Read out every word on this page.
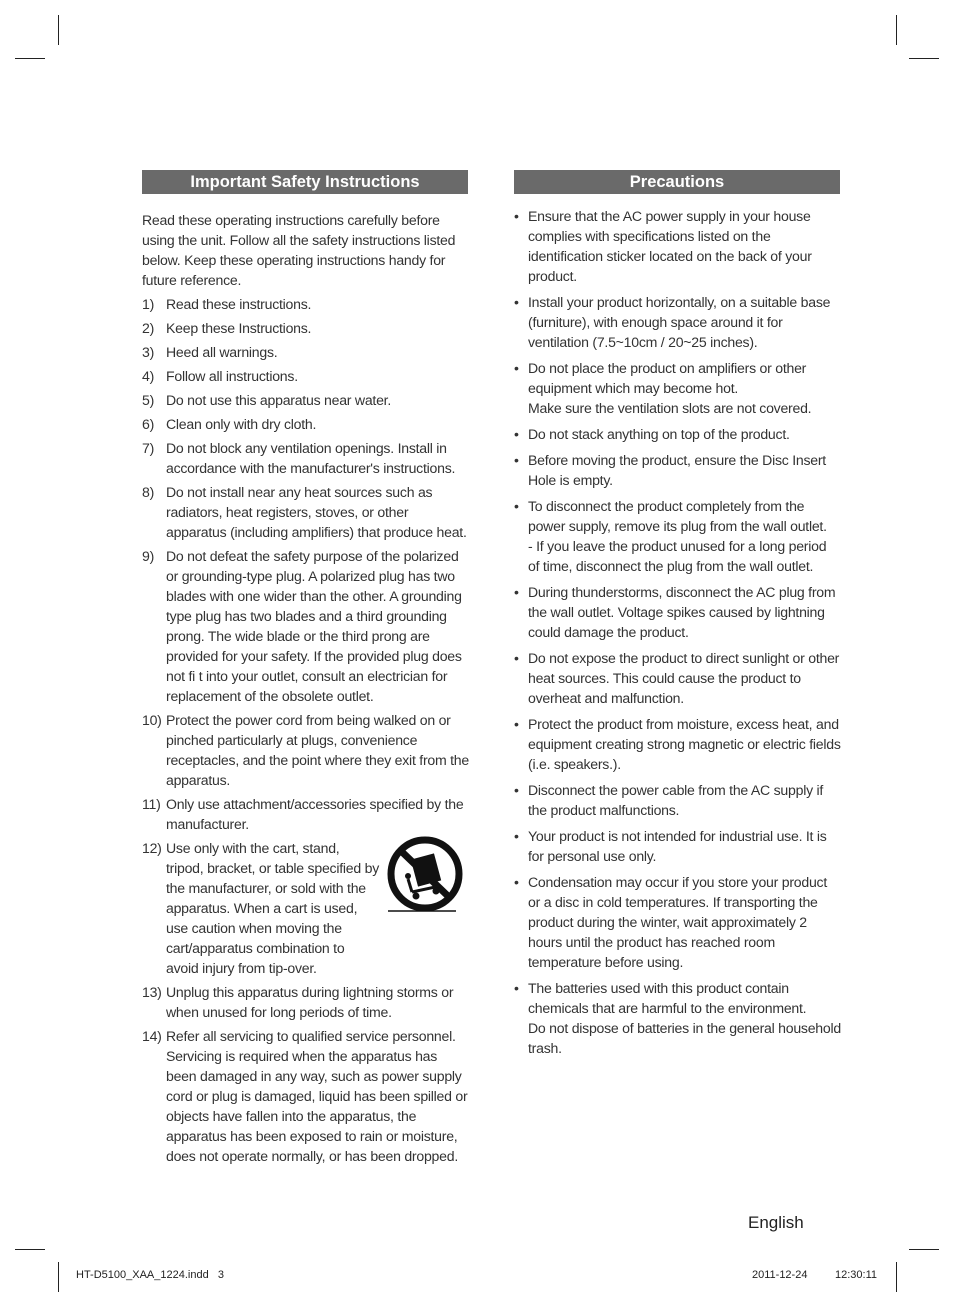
Important Safety Instructions

Read these operating instructions carefully before using the unit. Follow all the safety instructions listed below. Keep these operating instructions handy for future reference.

1) Read these instructions.
2) Keep these Instructions.
3) Heed all warnings.
4) Follow all instructions.
5) Do not use this apparatus near water.
6) Clean only with dry cloth.
7) Do not block any ventilation openings. Install in accordance with the manufacturer's instructions.
8) Do not install near any heat sources such as radiators, heat registers, stoves, or other apparatus (including amplifiers) that produce heat.
9) Do not defeat the safety purpose of the polarized or grounding-type plug. A polarized plug has two blades with one wider than the other. A grounding type plug has two blades and a third grounding prong. The wide blade or the third prong are provided for your safety. If the provided plug does not fi t into your outlet, consult an electrician for replacement of the obsolete outlet.
10) Protect the power cord from being walked on or pinched particularly at plugs, convenience receptacles, and the point where they exit from the apparatus.
11) Only use attachment/accessories specified by the manufacturer.
12) Use only with the cart, stand, tripod, bracket, or table specified by the manufacturer, or sold with the apparatus. When a cart is used, use caution when moving the cart/apparatus combination to avoid injury from tip-over.
13) Unplug this apparatus during lightning storms or when unused for long periods of time.
14) Refer all servicing to qualified service personnel. Servicing is required when the apparatus has been damaged in any way, such as power supply cord or plug is damaged, liquid has been spilled or objects have fallen into the apparatus, the apparatus has been exposed to rain or moisture, does not operate normally, or has been dropped.
Precautions
• Ensure that the AC power supply in your house complies with specifications listed on the identification sticker located on the back of your product.
• Install your product horizontally, on a suitable base (furniture), with enough space around it for ventilation (7.5~10cm / 20~25 inches).
• Do not place the product on amplifiers or other equipment which may become hot.
Make sure the ventilation slots are not covered.
• Do not stack anything on top of the product.
• Before moving the product, ensure the Disc Insert Hole is empty.
• To disconnect the product completely from the power supply, remove its plug from the wall outlet.
- If you leave the product unused for a long period of time, disconnect the plug from the wall outlet.
• During thunderstorms, disconnect the AC plug from the wall outlet. Voltage spikes caused by lightning could damage the product.
• Do not expose the product to direct sunlight or other heat sources. This could cause the product to overheat and malfunction.
• Protect the product from moisture, excess heat, and equipment creating strong magnetic or electric fields (i.e. speakers.).
• Disconnect the power cable from the AC supply if the product malfunctions.
• Your product is not intended for industrial use. It is for personal use only.
• Condensation may occur if you store your product or a disc in cold temperatures. If transporting the product during the winter, wait approximately 2 hours until the product has reached room temperature before using.
• The batteries used with this product contain chemicals that are harmful to the environment.
Do not dispose of batteries in the general household trash.
English
HT-D5100_XAA_1224.indd   3	2011-12-24	12:30:11
